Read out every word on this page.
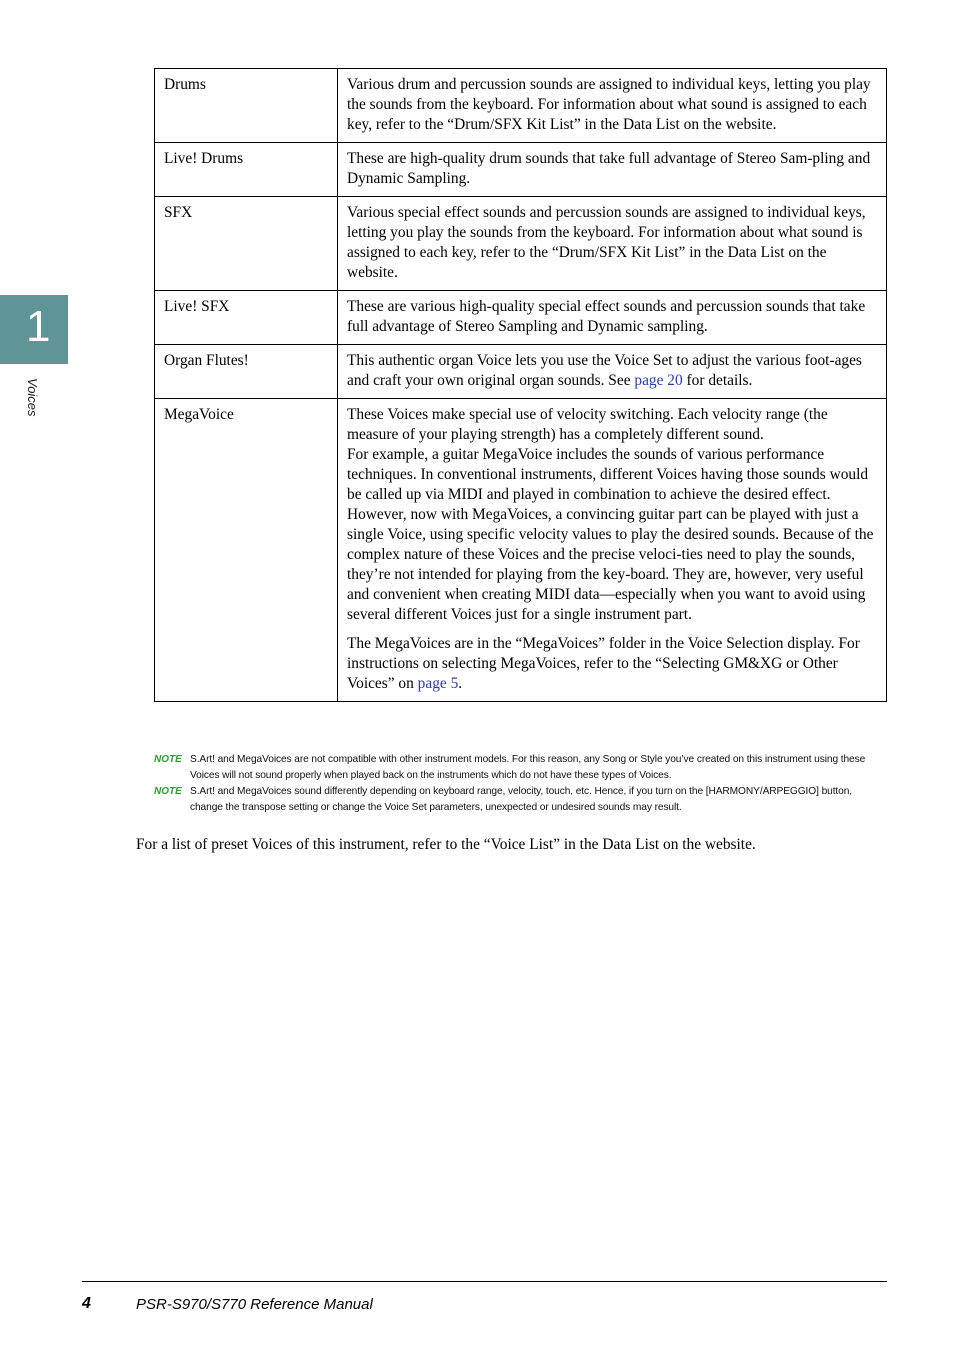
1
Voices
Drums	Various drum and percussion sounds are assigned to individual keys, letting you play the sounds from the keyboard. For information about what sound is assigned to each key, refer to the “Drum/SFX Kit List” in the Data List on the website.

Live! Drums	These are high-quality drum sounds that take full advantage of Stereo Sam-pling and Dynamic Sampling.

SFX	Various special effect sounds and percussion sounds are assigned to individual keys, letting you play the sounds from the keyboard. For information about what sound is assigned to each key, refer to the “Drum/SFX Kit List” in the Data List on the website.

Live! SFX	These are various high-quality special effect sounds and percussion sounds that take full advantage of Stereo Sampling and Dynamic sampling.

Organ Flutes!	This authentic organ Voice lets you use the Voice Set to adjust the various foot-ages and craft your own original organ sounds. See page 20 for details.

MegaVoice	These Voices make special use of velocity switching. Each velocity range (the measure of your playing strength) has a completely different sound.
For example, a guitar MegaVoice includes the sounds of various performance techniques. In conventional instruments, different Voices having those sounds would be called up via MIDI and played in combination to achieve the desired effect. However, now with MegaVoices, a convincing guitar part can be played with just a single Voice, using specific velocity values to play the desired sounds. Because of the complex nature of these Voices and the precise veloci-ties need to play the sounds, they’re not intended for playing from the key-board. They are, however, very useful and convenient when creating MIDI data—especially when you want to avoid using several different Voices just for a single instrument part.

The MegaVoices are in the “MegaVoices” folder in the Voice Selection display. For instructions on selecting MegaVoices, refer to the “Selecting GM&XG or Other Voices” on page 5.

NOTE S.Art! and MegaVoices are not compatible with other instrument models. For this reason, any Song or Style you’ve created on this instrument using these Voices will not sound properly when played back on the instruments which do not have these types of Voices.
NOTE S.Art! and MegaVoices sound differently depending on keyboard range, velocity, touch, etc. Hence, if you turn on the [HARMONY/ARPEGGIO] button, change the transpose setting or change the Voice Set parameters, unexpected or undesired sounds may result.

For a list of preset Voices of this instrument, refer to the “Voice List” in the Data List on the website.

4	PSR-S970/S770 Reference Manual
